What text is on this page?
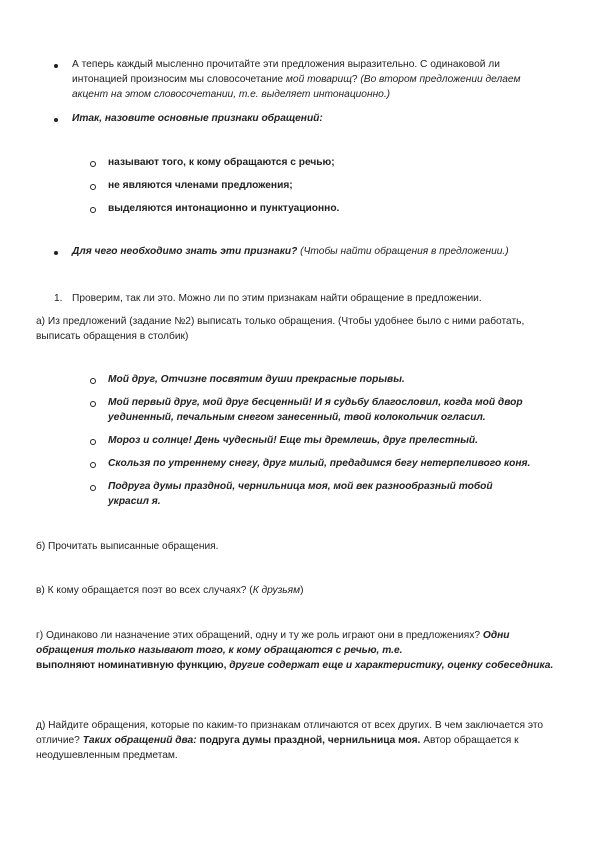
А теперь каждый мысленно прочитайте эти предложения выразительно. С одинаковой ли интонацией произносим мы словосочетание мой товарищ? (Во втором предложении делаем акцент на этом словосочетании, т.е. выделяет интонационно.)
Итак, назовите основные признаки обращений:
называют того, к кому обращаются с речью;
не являются членами предложения;
выделяются интонационно и пунктуационно.
Для чего необходимо знать эти признаки? (Чтобы найти обращения в предложении.)
1. Проверим, так ли это. Можно ли по этим признакам найти обращение в предложении.
а) Из предложений (задание №2) выписать только обращения. (Чтобы удобнее было с ними работать, выписать обращения в столбик)
Мой друг, Отчизне посвятим души прекрасные порывы.
Мой первый друг, мой друг бесценный! И я судьбу благословил, когда мой двор уединенный, печальным снегом занесенный, твой колокольчик огласил.
Мороз и солнце! День чудесный! Еще ты дремлешь, друг прелестный.
Скользя по утреннему снегу, друг милый, предадимся бегу нетерпеливого коня.
Подруга думы праздной, чернильница моя, мой век разнообразный тобой украсил я.
б) Прочитать выписанные обращения.
в) К кому обращается поэт во всех случаях? (К друзьям)
г) Одинаково ли назначение этих обращений, одну и ту же роль играют они в предложениях? Одни обращения только называют того, к кому обращаются с речью, т.е.
выполняют номинативную функцию, другие содержат еще и характеристику, оценку собеседника.
д) Найдите обращения, которые по каким-то признакам отличаются от всех других. В чем заключается это отличие? Таких обращений два: подруга думы праздной, чернильница моя. Автор обращается к неодушевленным предметам.
